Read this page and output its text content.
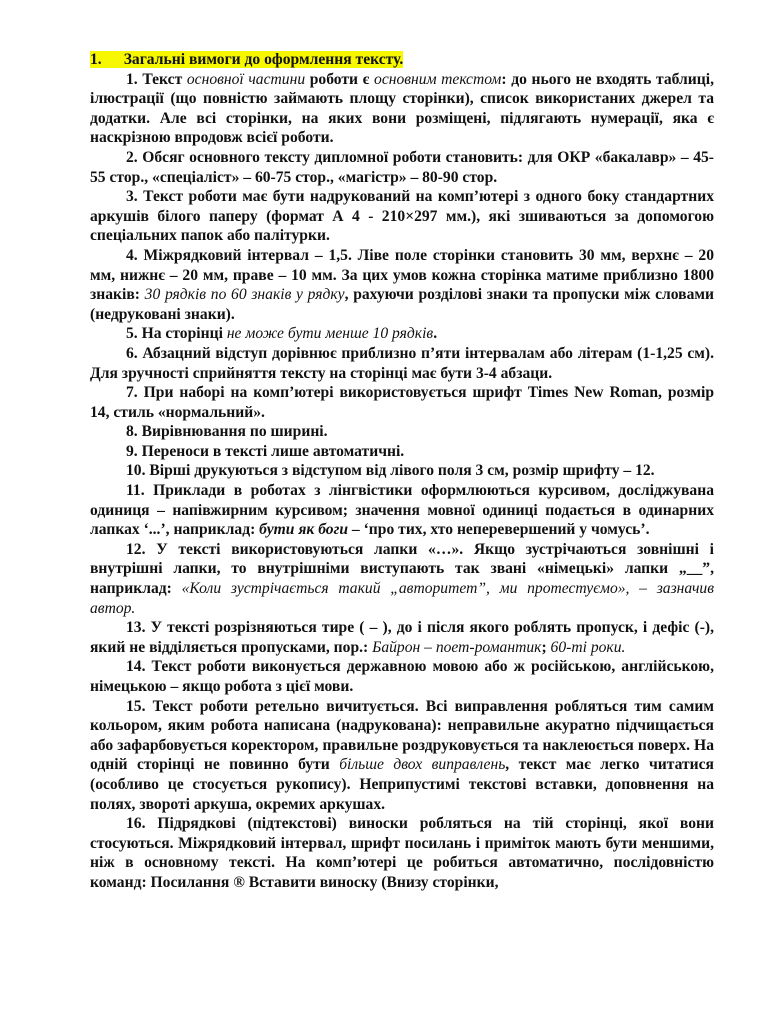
1. Загальні вимоги до оформлення тексту.

1. Текст основної частини роботи є основним текстом: до нього не входять таблиці, ілюстрації (що повністю займають площу сторінки), список використаних джерел та додатки. Але всі сторінки, на яких вони розміщені, підлягають нумерації, яка є наскрізною впродовж всієї роботи.

2. Обсяг основного тексту дипломної роботи становить: для ОКР «бакалавр» – 45-55 стор., «спеціаліст» – 60-75 стор., «магістр» – 80-90 стор.

3. Текст роботи має бути надрукований на комп’ютері з одного боку стандартних аркушів білого паперу (формат А 4 - 210×297 мм.), які зшиваються за допомогою спеціальних папок або палітурки.

4. Міжрядковий інтервал – 1,5. Ліве поле сторінки становить 30 мм, верхнє – 20 мм, нижнє – 20 мм, праве – 10 мм. За цих умов кожна сторінка матиме приблизно 1800 знаків: 30 рядків по 60 знаків у рядку, рахуючи розділові знаки та пропуски між словами (недруковані знаки).

5. На сторінці не може бути менше 10 рядків.

6. Абзацний відступ дорівнює приблизно п’яти інтервалам або літерам (1-1,25 см). Для зручності сприйняття тексту на сторінці має бути 3-4 абзаци.

7. При наборі на комп’ютері використовується шрифт Times New Roman, розмір 14, стиль «нормальний».

8. Вирівнювання по ширині.

9. Переноси в тексті лише автоматичні.

10. Вірші друкуються з відступом від лівого поля 3 см, розмір шрифту – 12.

11. Приклади в роботах з лінгвістики оформлюються курсивом, досліджувана одиниця – напівжирним курсивом; значення мовної одиниці подається в одинарних лапках ‘...’, наприклад: бути як боги – ‘про тих, хто неперевершений у чомусь’.

12. У тексті використовуються лапки «…». Якщо зустрічаються зовнішні і внутрішні лапки, то внутрішніми виступають так звані «німецькі» лапки „__”, наприклад: «Коли зустрічається такий „авторитет”, ми протестуємо», – зазначив автор.

13. У тексті розрізняються тире ( – ), до і після якого роблять пропуск, і дефіс (-), який не відділяється пропусками, пор.: Байрон – поет-романтик; 60-ті роки.

14. Текст роботи виконується державною мовою або ж російською, англійською, німецькою – якщо робота з цієї мови.

15. Текст роботи ретельно вичитується. Всі виправлення робляться тим самим кольором, яким робота написана (надрукована): неправильне акуратно підчищається або зафарбовується коректором, правильне роздруковується та наклеюється поверх. На одній сторінці не повинно бути більше двох виправлень, текст має легко читатися (особливо це стосується рукопису). Неприпустимі текстові вставки, доповнення на полях, звороті аркуша, окремих аркушах.

16. Підрядкові (підтекстові) виноски робляться на тій сторінці, якої вони стосуються. Міжрядковий інтервал, шрифт посилань і приміток мають бути меншими, ніж в основному тексті. На комп’ютері це робиться автоматично, послідовністю команд: Посилання ® Вставити виноску (Внизу сторінки,
